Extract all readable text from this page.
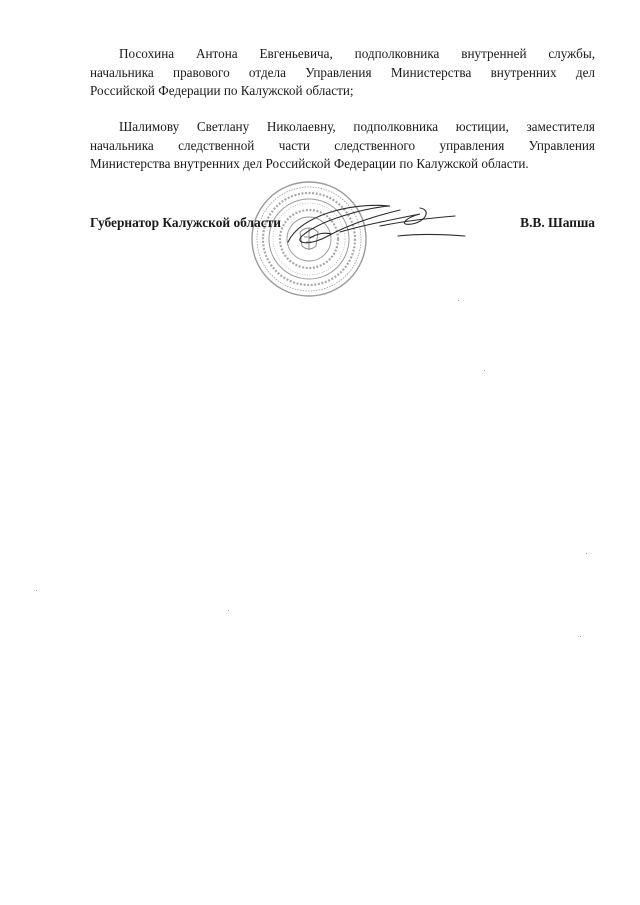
Посохина Антона Евгеньевича, подполковника внутренней службы,
начальника правового отдела Управления Министерства внутренних дел
Российской Федерации по Калужской области;
Шалимову Светлану Николаевну, подполковника юстиции, заместителя
начальника следственной части следственного управления Управления
Министерства внутренних дел Российской Федерации по Калужской области.
Губернатор Калужской области	В.В. Шапша
